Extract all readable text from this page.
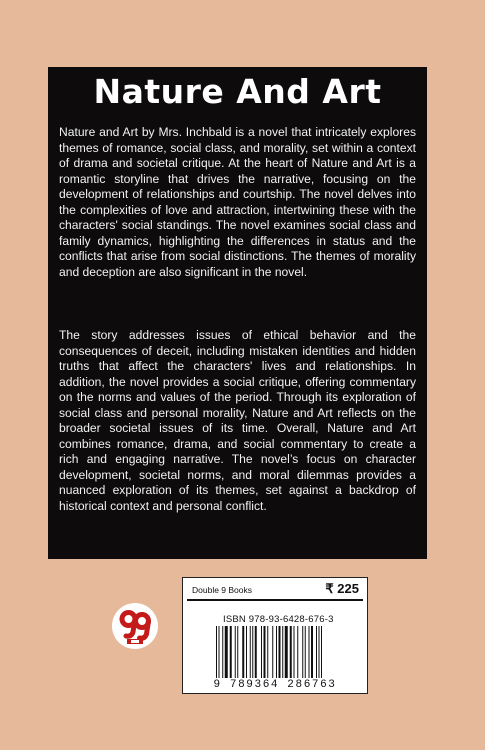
Nature And Art

Nature and Art by Mrs. Inchbald is a novel that intricately explores themes of romance, social class, and morality, set within a context of drama and societal critique. At the heart of Nature and Art is a romantic storyline that drives the narrative, focusing on the development of relationships and courtship. The novel delves into the complexities of love and attraction, intertwining these with the characters' social standings. The novel examines social class and family dynamics, highlighting the differences in status and the conflicts that arise from social distinctions. The themes of morality and deception are also significant in the novel.

The story addresses issues of ethical behavior and the consequences of deceit, including mistaken identities and hidden truths that affect the characters' lives and relationships. In addition, the novel provides a social critique, offering commentary on the norms and values of the period. Through its exploration of social class and personal morality, Nature and Art reflects on the broader societal issues of its time. Overall, Nature and Art combines romance, drama, and social commentary to create a rich and engaging narrative. The novel’s focus on character development, societal norms, and moral dilemmas provides a nuanced exploration of its themes, set against a backdrop of historical context and personal conflict.

Double 9 Books	₹ 225
ISBN 978-93-6428-676-3
9 789364 286763
